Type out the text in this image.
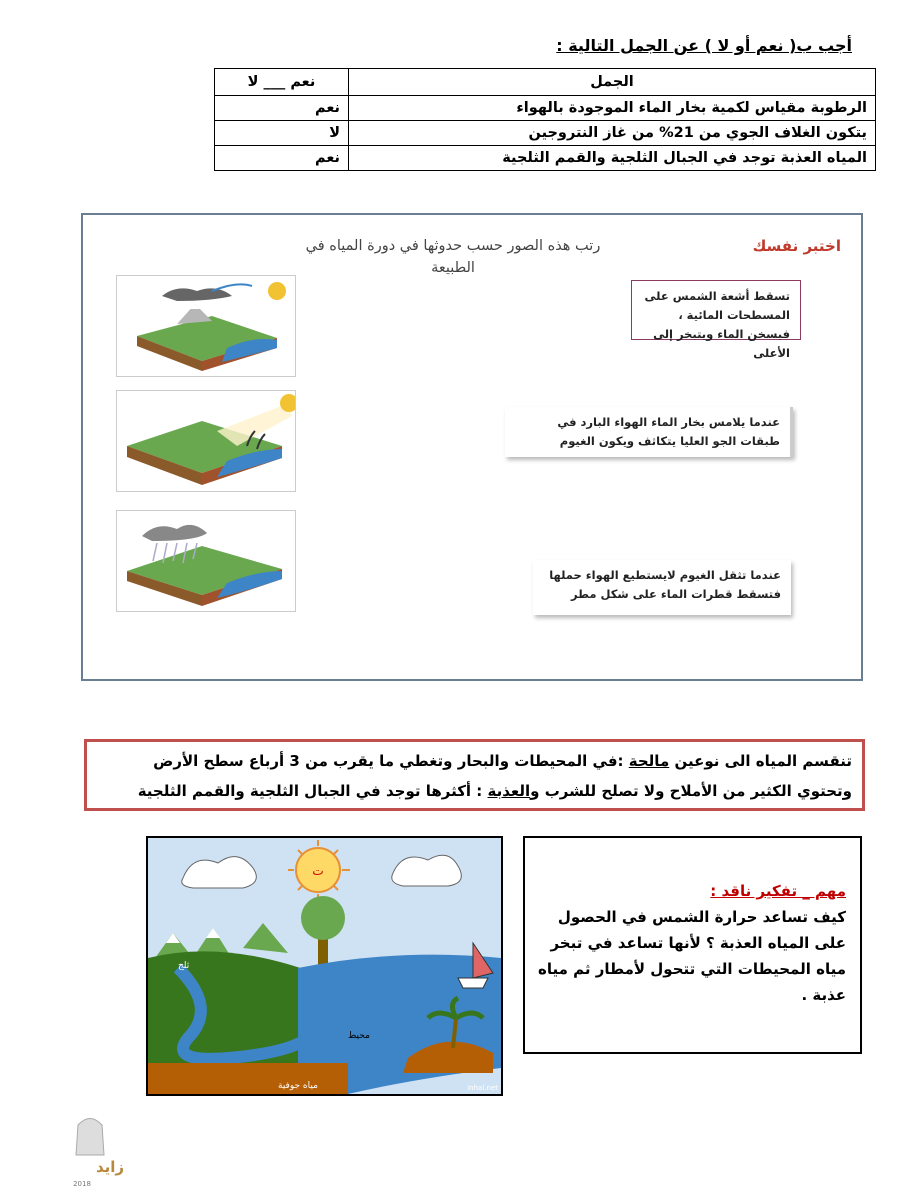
أجب ب( نعم أو لا ) عن الجمل التالية :
الجمل	نعم ___ لا
الرطوبة مقياس لكمية بخار الماء الموجودة بالهواء	نعم
يتكون الغلاف الجوي من 21% من غاز النتروجين	لا
المياه العذبة توجد في الجبال الثلجية والقمم الثلجية	نعم
اختبر نفسك
رتب هذه الصور حسب حدوثها في دورة المياه في الطبيعة
تسقط أشعة الشمس على المسطحات المائية ، فيسخن الماء ويتبخر إلى الأعلى
عندما يلامس بخار الماء الهواء البارد في طبقات الجو العليا يتكاثف ويكون الغيوم
عندما تثقل الغيوم لايستطيع الهواء حملها فتسقط قطرات الماء على شكل مطر
تنقسم المياه الى نوعين مالحة :في المحيطات والبحار وتغطي ما يقرب من 3 أرباع سطح الأرض وتحتوي الكثير من الأملاح ولا تصلح للشرب والعذبة : أكثرها توجد في الجبال الثلجية والقمم الثلجية
ت
ثلج
محيط
مياه جوفية	inhal.net
مهم _ تفكير ناقد :
كيف تساعد حرارة الشمس في الحصول على المياه العذبة ؟ لأنها تساعد في تبخر مياه المحيطات التي تتحول لأمطار ثم مياه عذبة .
زايد
2018
